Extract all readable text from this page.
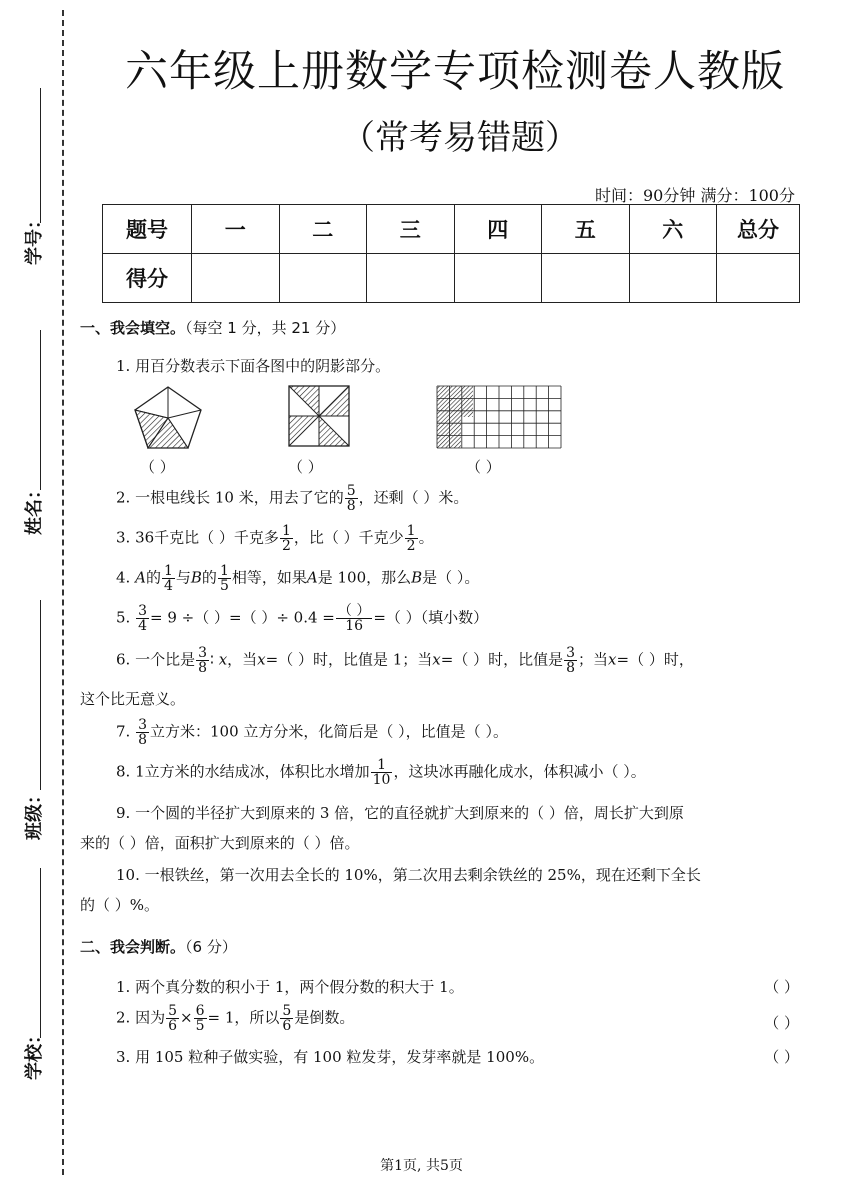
学号：
姓名：
班级：
学校：
六年级上册数学专项检测卷人教版
（常考易错题）
时间：90分钟 满分：100分
题号	一	二	三	四	五	六	总分
得分							
一、我会填空。（每空 1 分，共 21 分）
1. 用百分数表示下面各图中的阴影部分。
（ ）	（ ）	（ ）
2. 一根电线长 10 米，用去了它的 $\frac{5}{8}$ ，还剩（ ）米。
3. 36千克比（ ）千克多 $\frac{1}{2}$ ，比（ ）千克少 $\frac{1}{2}$ 。
4. A的 $\frac{1}{4}$ 与B的 $\frac{1}{5}$ 相等，如果A是 100，那么B是（ ）。
5. $\frac{3}{4} = 9$ ÷（ ）=（ ）÷ $0.4 = \frac{( )}{16}$ =（ ）（填小数）
6. 一个比是 $\frac{3}{8}$ ∶ x，当x=（ ）时，比值是 1；当x=（ ）时，比值是 $\frac{3}{8}$ ；当x=（ ）时，
这个比无意义。
7. $\frac{3}{8}$ 立方米：100 立方分米，化简后是（ ），比值是（ ）。
8. 1立方米的水结成冰，体积比水增加 $\frac{1}{10}$ ，这块冰再融化成水，体积减小（ ）。
9. 一个圆的半径扩大到原来的 3 倍，它的直径就扩大到原来的（ ）倍，周长扩大到原
来的（ ）倍，面积扩大到原来的（ ）倍。
10. 一根铁丝，第一次用去全长的 10%，第二次用去剩余铁丝的 25%，现在还剩下全长
的（ ）%。
二、我会判断。（6 分）
1. 两个真分数的积小于 1，两个假分数的积大于 1。	（ ）
2. 因为 $\frac{5}{6} \times \frac{6}{5} = 1$，所以 $\frac{5}{6}$ 是倒数。	（ ）
3. 用 105 粒种子做实验，有 100 粒发芽，发芽率就是 100%。	（ ）
第1页, 共5页
